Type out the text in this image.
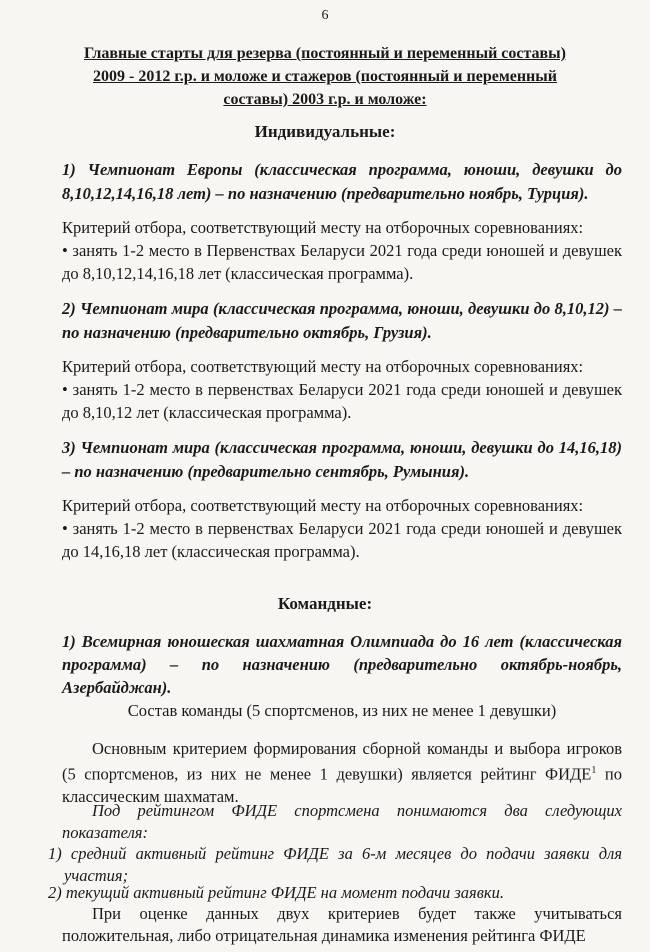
6
Главные старты для резерва (постоянный и переменный составы)
2009 - 2012 г.р. и моложе и стажеров (постоянный и переменный
составы) 2003 г.р. и моложе:
Индивидуальные:
1) Чемпионат Европы (классическая программа, юноши, девушки до 8,10,12,14,16,18 лет) – по назначению (предварительно ноябрь, Турция).
Критерий отбора, соответствующий месту на отборочных соревнованиях:
• занять 1-2 место в Первенствах Беларуси 2021 года среди юношей и девушек до 8,10,12,14,16,18 лет (классическая программа).
2) Чемпионат мира (классическая программа, юноши, девушки до 8,10,12) – по назначению (предварительно октябрь, Грузия).
Критерий отбора, соответствующий месту на отборочных соревнованиях:
• занять 1-2 место в первенствах Беларуси 2021 года среди юношей и девушек до 8,10,12 лет (классическая программа).
3) Чемпионат мира (классическая программа, юноши, девушки до 14,16,18) – по назначению (предварительно сентябрь, Румыния).
Критерий отбора, соответствующий месту на отборочных соревнованиях:
• занять 1-2 место в первенствах Беларуси 2021 года среди юношей и девушек до 14,16,18 лет (классическая программа).
Командные:
1) Всемирная юношеская шахматная Олимпиада до 16 лет (классическая программа) – по назначению (предварительно октябрь-ноябрь, Азербайджан).
Состав команды (5 спортсменов, из них не менее 1 девушки)
Основным критерием формирования сборной команды и выбора игроков (5 спортсменов, из них не менее 1 девушки) является рейтинг ФИДЕ$^1$ по классическим шахматам.
Под рейтингом ФИДЕ спортсмена понимаются два следующих показателя:
1) средний активный рейтинг ФИДЕ за 6-м месяцев до подачи заявки для участия;
2) текущий активный рейтинг ФИДЕ на момент подачи заявки.
При оценке данных двух критериев будет также учитываться положительная, либо отрицательная динамика изменения рейтинга ФИДЕ
